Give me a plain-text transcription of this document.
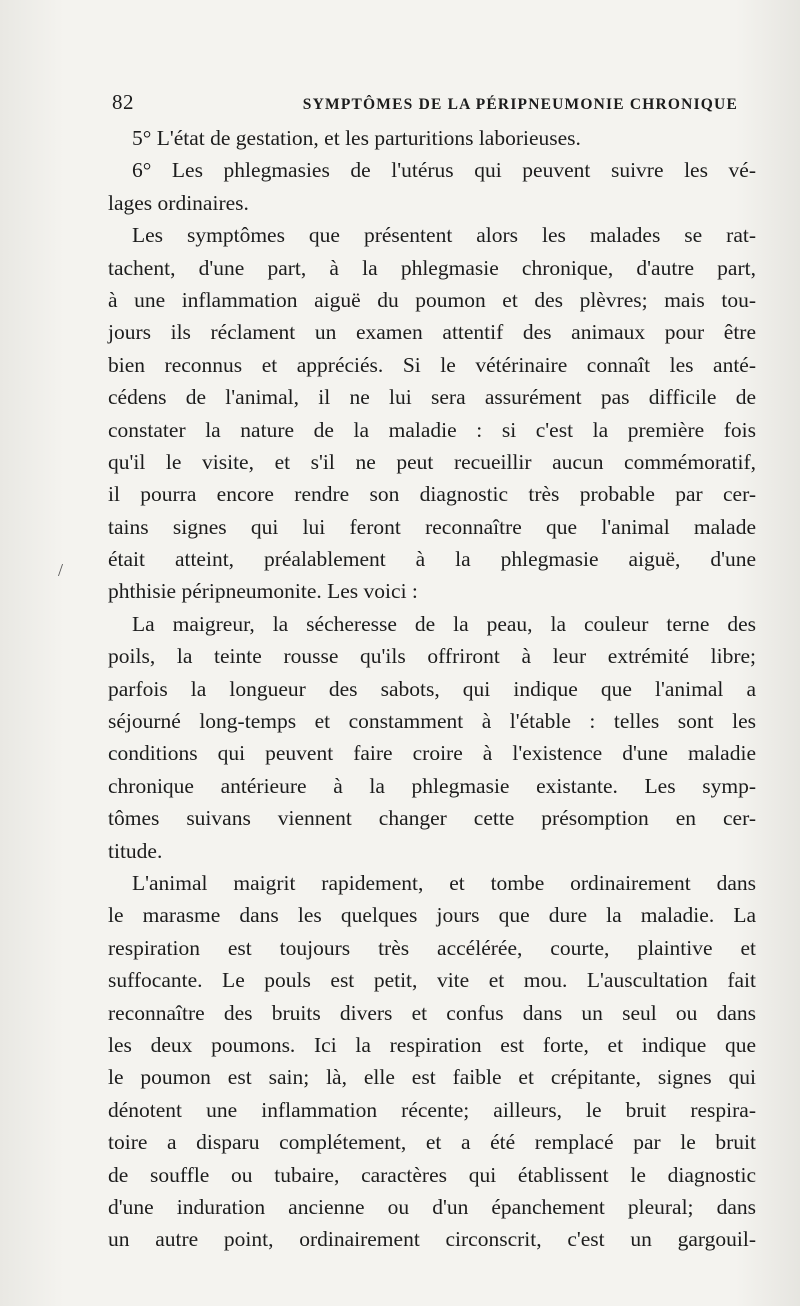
82	SYMPTÔMES DE LA PÉRIPNEUMONIE CHRONIQUE
/
5° L'état de gestation, et les parturitions laborieuses.
6° Les phlegmasies de l'utérus qui peuvent suivre les vé-
lages ordinaires.
Les symptômes que présentent alors les malades se rat-
tachent, d'une part, à la phlegmasie chronique, d'autre part,
à une inflammation aiguë du poumon et des plèvres; mais tou-
jours ils réclament un examen attentif des animaux pour être
bien reconnus et appréciés. Si le vétérinaire connaît les anté-
cédens de l'animal, il ne lui sera assurément pas difficile de
constater la nature de la maladie : si c'est la première fois
qu'il le visite, et s'il ne peut recueillir aucun commémoratif,
il pourra encore rendre son diagnostic très probable par cer-
tains signes qui lui feront reconnaître que l'animal malade
était atteint, préalablement à la phlegmasie aiguë, d'une
phthisie péripneumonite. Les voici :
La maigreur, la sécheresse de la peau, la couleur terne des
poils, la teinte rousse qu'ils offriront à leur extrémité libre;
parfois la longueur des sabots, qui indique que l'animal a
séjourné long-temps et constamment à l'étable : telles sont les
conditions qui peuvent faire croire à l'existence d'une maladie
chronique antérieure à la phlegmasie existante. Les symp-
tômes suivans viennent changer cette présomption en cer-
titude.
L'animal maigrit rapidement, et tombe ordinairement dans
le marasme dans les quelques jours que dure la maladie. La
respiration est toujours très accélérée, courte, plaintive et
suffocante. Le pouls est petit, vite et mou. L'auscultation fait
reconnaître des bruits divers et confus dans un seul ou dans
les deux poumons. Ici la respiration est forte, et indique que
le poumon est sain; là, elle est faible et crépitante, signes qui
dénotent une inflammation récente; ailleurs, le bruit respira-
toire a disparu complétement, et a été remplacé par le bruit
de souffle ou tubaire, caractères qui établissent le diagnostic
d'une induration ancienne ou d'un épanchement pleural; dans
un autre point, ordinairement circonscrit, c'est un gargouil-
